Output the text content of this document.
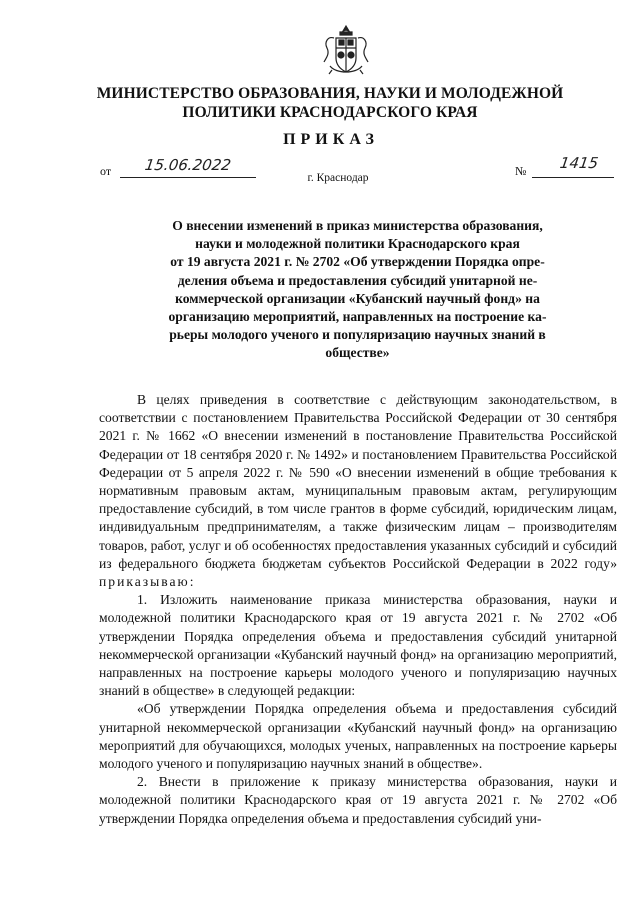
МИНИСТЕРСТВО ОБРАЗОВАНИЯ, НАУКИ И МОЛОДЕЖНОЙ
ПОЛИТИКИ КРАСНОДАРСКОГО КРАЯ
ПРИКАЗ
от 15.06.2022	№ 1415
г. Краснодар
О внесении изменений в приказ министерства образования,
науки и молодежной политики Краснодарского края
от 19 августа 2021 г. № 2702 «Об утверждении Порядка опре-
деления объема и предоставления субсидий унитарной не-
коммерческой организации «Кубанский научный фонд» на
организацию мероприятий, направленных на построение ка-
рьеры молодого ученого и популяризацию научных знаний в
обществе»

В целях приведения в соответствие с действующим законодательством, в соответствии с постановлением Правительства Российской Федерации от 30 сентября 2021 г. № 1662 «О внесении изменений в постановление Правительства Российской Федерации от 18 сентября 2020 г. № 1492» и постановлением Правительства Российской Федерации от 5 апреля 2022 г. № 590 «О внесении изменений в общие требования к нормативным правовым актам, муниципальным правовым актам, регулирующим предоставление субсидий, в том числе грантов в форме субсидий, юридическим лицам, индивидуальным предпринимателям, а также физическим лицам – производителям товаров, работ, услуг и об особенностях предоставления указанных субсидий и субсидий из федерального бюджета бюджетам субъектов Российской Федерации в 2022 году» приказываю:

1. Изложить наименование приказа министерства образования, науки и молодежной политики Краснодарского края от 19 августа 2021 г. № 2702 «Об утверждении Порядка определения объема и предоставления субсидий унитарной некоммерческой организации «Кубанский научный фонд» на организацию мероприятий, направленных на построение карьеры молодого ученого и популяризацию научных знаний в обществе» в следующей редакции:

«Об утверждении Порядка определения объема и предоставления субсидий унитарной некоммерческой организации «Кубанский научный фонд» на организацию мероприятий для обучающихся, молодых ученых, направленных на построение карьеры молодого ученого и популяризацию научных знаний в обществе».

2. Внести в приложение к приказу министерства образования, науки и молодежной политики Краснодарского края от 19 августа 2021 г. № 2702 «Об утверждении Порядка определения объема и предоставления субсидий уни-
